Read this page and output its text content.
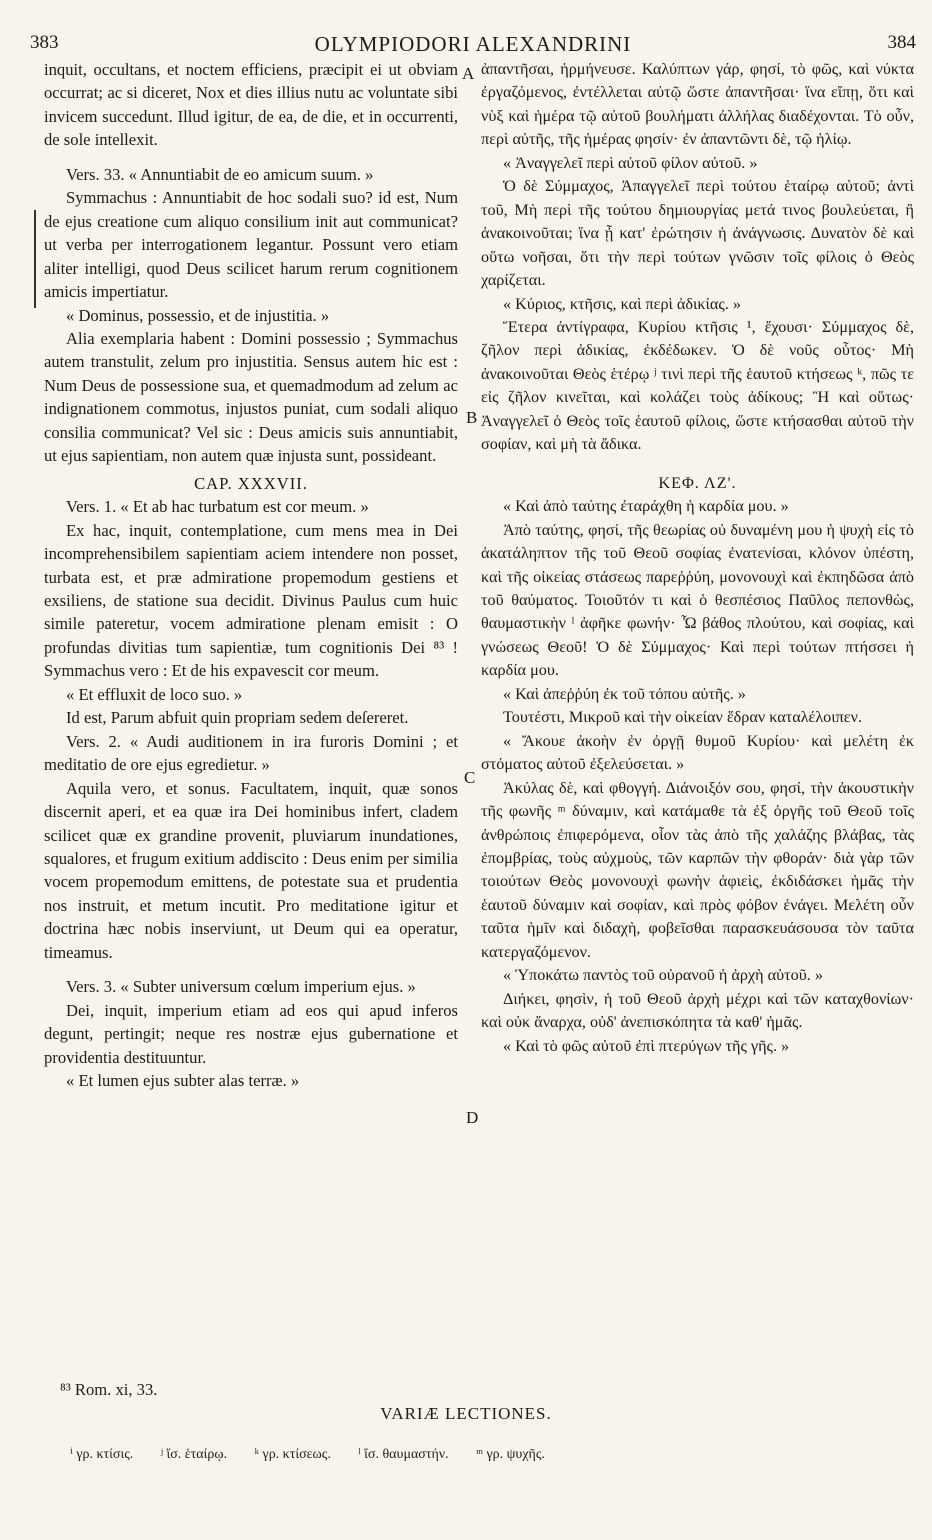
383	OLYMPIODORI ALEXANDRINI	384

inquit, occultans, et noctem efficiens, præcipit ei ut obviam occurrat; ac si diceret, Nox et dies illius nutu ac voluntate sibi invicem succedunt. Illud igitur, de ea, de die, et in occurrenti, de sole intellexit.

Vers. 33. « Annuntiabit de eo amicum suum. »

Symmachus : Annuntiabit de hoc sodali suo? id est, Num de ejus creatione cum aliquo consilium init aut communicat? ut verba per interrogationem legantur. Possunt vero etiam aliter intelligi, quod Deus scilicet harum rerum cognitionem amicis impertiatur.

« Dominus, possessio, et de injustitia. »

Alia exemplaria habent : Domini possessio ; Symmachus autem transtulit, zelum pro injustitia. Sensus autem hic est : Num Deus de possessione sua, et quemadmodum ad zelum ac indignationem commotus, injustos puniat, cum sodali aliquo consilia communicat? Vel sic : Deus amicis suis annuntiabit, ut ejus sapientiam, non autem quæ injusta sunt, possideant.

CAP. XXXVII.

Vers. 1. « Et ab hac turbatum est cor meum. »

Ex hac, inquit, contemplatione, cum mens mea in Dei incomprehensibilem sapientiam aciem intendere non posset, turbata est, et præ admiratione propemodum gestiens et exsiliens, de statione sua decidit. Divinus Paulus cum huic simile pateretur, vocem admiratione plenam emisit : O profundas divitias tum sapientiæ, tum cognitionis Dei ⁸³ ! Symmachus vero : Et de his expavescit cor meum.

« Et effluxit de loco suo. »

Id est, Parum abfuit quin propriam sedem deſereret.

Vers. 2. « Audi auditionem in ira furoris Domini ; et meditatio de ore ejus egredietur. »

Aquila vero, et sonus. Facultatem, inquit, quæ sonos discernit aperi, et ea quæ ira Dei hominibus infert, cladem scilicet quæ ex grandine provenit, pluviarum inundationes, squalores, et frugum exitium addiscito : Deus enim per similia vocem propemodum emittens, de potestate sua et prudentia nos instruit, et metum incutit. Pro meditatione igitur et doctrina hæc nobis inserviunt, ut Deum qui ea operatur, timeamus.

Vers. 3. « Subter universum cœlum imperium ejus. »

Dei, inquit, imperium etiam ad eos qui apud inferos degunt, pertingit; neque res nostræ ejus gubernatione et providentia destituuntur.

« Et lumen ejus subter alas terræ. »

A
B
C
D

ἀπαντῆσαι, ἡρμήνευσε. Καλύπτων γάρ, φησί, τὸ φῶς, καὶ νύκτα ἐργαζόμενος, ἐντέλλεται αὐτῷ ὥστε ἀπαντῆσαι· ἵνα εἴπῃ, ὅτι καὶ νὺξ καὶ ἡμέρα τῷ αὐτοῦ βουλήματι ἀλλήλας διαδέχονται. Τὸ οὖν, περὶ αὐτῆς, τῆς ἡμέρας φησίν· ἐν ἀπαντῶντι δὲ, τῷ ἡλίῳ.

« Ἀναγγελεῖ περὶ αὐτοῦ φίλον αὐτοῦ. »

Ὁ δὲ Σύμμαχος, Ἀπαγγελεῖ περὶ τούτου ἑταίρῳ αὐτοῦ; ἀντὶ τοῦ, Μὴ περὶ τῆς τούτου δημιουργίας μετά τινος βουλεύεται, ἢ ἀνακοινοῦται; ἵνα ᾖ κατ' ἐρώτησιν ἡ ἀνάγνωσις. Δυνατὸν δὲ καὶ οὕτω νοῆσαι, ὅτι τὴν περὶ τούτων γνῶσιν τοῖς φίλοις ὁ Θεὸς χαρίζεται.

« Κύριος, κτῆσις, καὶ περὶ ἀδικίας. »

Ἕτερα ἀντίγραφα, Κυρίου κτῆσις ¹, ἔχουσι· Σύμμαχος δὲ, ζῆλον περὶ ἀδικίας, ἐκδέδωκεν. Ὁ δὲ νοῦς οὗτος· Μὴ ἀνακοινοῦται Θεὸς ἑτέρῳ ʲ τινὶ περὶ τῆς ἑαυτοῦ κτήσεως ᵏ, πῶς τε εἰς ζῆλον κινεῖται, καὶ κολάζει τοὺς ἀδίκους; Ἢ καὶ οὕτως· Ἀναγγελεῖ ὁ Θεὸς τοῖς ἑαυτοῦ φίλοις, ὥστε κτήσασθαι αὐτοῦ τὴν σοφίαν, καὶ μὴ τὰ ἄδικα.

ΚΕΦ. ΛΖ'.

« Καὶ ἀπὸ ταύτης ἐταράχθη ἡ καρδία μου. »

Ἀπὸ ταύτης, φησί, τῆς θεωρίας οὐ δυναμένη μου ἡ ψυχὴ εἰς τὸ ἀκατάληπτον τῆς τοῦ Θεοῦ σοφίας ἐνατενίσαι, κλόνον ὑπέστη, καὶ τῆς οἰκείας στάσεως παρεῤῥύη, μονονουχὶ καὶ ἐκπηδῶσα ἀπὸ τοῦ θαύματος. Τοιοῦτόν τι καὶ ὁ θεσπέσιος Παῦλος πεπονθὼς, θαυμαστικὴν ˡ ἀφῆκε φωνήν· Ὦ βάθος πλούτου, καὶ σοφίας, καὶ γνώσεως Θεοῦ! Ὁ δὲ Σύμμαχος· Καὶ περὶ τούτων πτήσσει ἡ καρδία μου.

« Καὶ ἀπεῤῥύη ἐκ τοῦ τόπου αὐτῆς. »

Τουτέστι, Μικροῦ καὶ τὴν οἰκείαν ἕδραν καταλέλοιπεν.

« Ἄκουε ἀκοὴν ἐν ὀργῇ θυμοῦ Κυρίου· καὶ μελέτη ἐκ στόματος αὐτοῦ ἐξελεύσεται. »

Ἀκύλας δὲ, καὶ φθογγή. Διάνοιξόν σου, φησί, τὴν ἀκουστικὴν τῆς φωνῆς ᵐ δύναμιν, καὶ κατάμαθε τὰ ἐξ ὀργῆς τοῦ Θεοῦ τοῖς ἀνθρώποις ἐπιφερόμενα, οἷον τὰς ἀπὸ τῆς χαλάζης βλάβας, τὰς ἐπομβρίας, τοὺς αὐχμοὺς, τῶν καρπῶν τὴν φθοράν· διὰ γὰρ τῶν τοιούτων Θεὸς μονονουχὶ φωνὴν ἀφιεὶς, ἐκδιδάσκει ἡμᾶς τὴν ἑαυτοῦ δύναμιν καὶ σοφίαν, καὶ πρὸς φόβον ἐνάγει. Μελέτη οὖν ταῦτα ἡμῖν καὶ διδαχὴ, φοβεῖσθαι παρασκευάσουσα τὸν ταῦτα κατεργαζόμενον.

« Ὑποκάτω παντὸς τοῦ οὐρανοῦ ἡ ἀρχὴ αὐτοῦ. »

Διήκει, φησὶν, ἡ τοῦ Θεοῦ ἀρχὴ μέχρι καὶ τῶν καταχθονίων· καὶ οὐκ ἄναρχα, οὐδ' ἀνεπισκόπητα τὰ καθ' ἡμᾶς.

« Καὶ τὸ φῶς αὐτοῦ ἐπὶ πτερύγων τῆς γῆς. »

⁸³ Rom. xi, 33.
VARIÆ LECTIONES.
ⁱ γρ. κτίσις. ʲ ἴσ. ἑταίρῳ. ᵏ γρ. κτίσεως. ˡ ἴσ. θαυμαστήν. ᵐ γρ. ψυχῆς.
